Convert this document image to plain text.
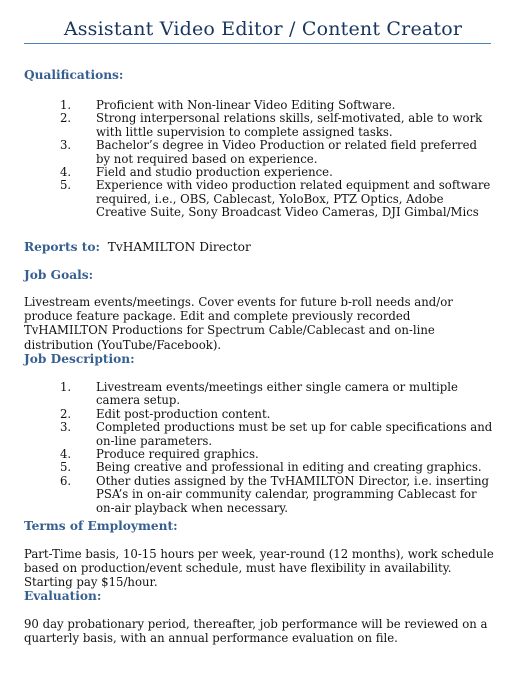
Assistant Video Editor / Content Creator
Qualifications:
1. Proficient with Non-linear Video Editing Software.
2. Strong interpersonal relations skills, self-motivated, able to work with little supervision to complete assigned tasks.
3. Bachelor’s degree in Video Production or related field preferred by not required based on experience.
4. Field and studio production experience.
5. Experience with video production related equipment and software required, i.e., OBS, Cablecast, YoloBox, PTZ Optics, Adobe Creative Suite, Sony Broadcast Video Cameras, DJI Gimbal/Mics
Reports to: TvHAMILTON Director
Job Goals:
Livestream events/meetings. Cover events for future b-roll needs and/or produce feature package. Edit and complete previously recorded TvHAMILTON Productions for Spectrum Cable/Cablecast and on-line distribution (YouTube/Facebook).
Job Description:
1. Livestream events/meetings either single camera or multiple camera setup.
2. Edit post-production content.
3. Completed productions must be set up for cable specifications and on-line parameters.
4. Produce required graphics.
5. Being creative and professional in editing and creating graphics.
6. Other duties assigned by the TvHAMILTON Director, i.e. inserting PSA’s in on-air community calendar, programming Cablecast for on-air playback when necessary.
Terms of Employment:
Part-Time basis, 10-15 hours per week, year-round (12 months), work schedule based on production/event schedule, must have flexibility in availability. Starting pay $15/hour.
Evaluation:
90 day probationary period, thereafter, job performance will be reviewed on a quarterly basis, with an annual performance evaluation on file.
